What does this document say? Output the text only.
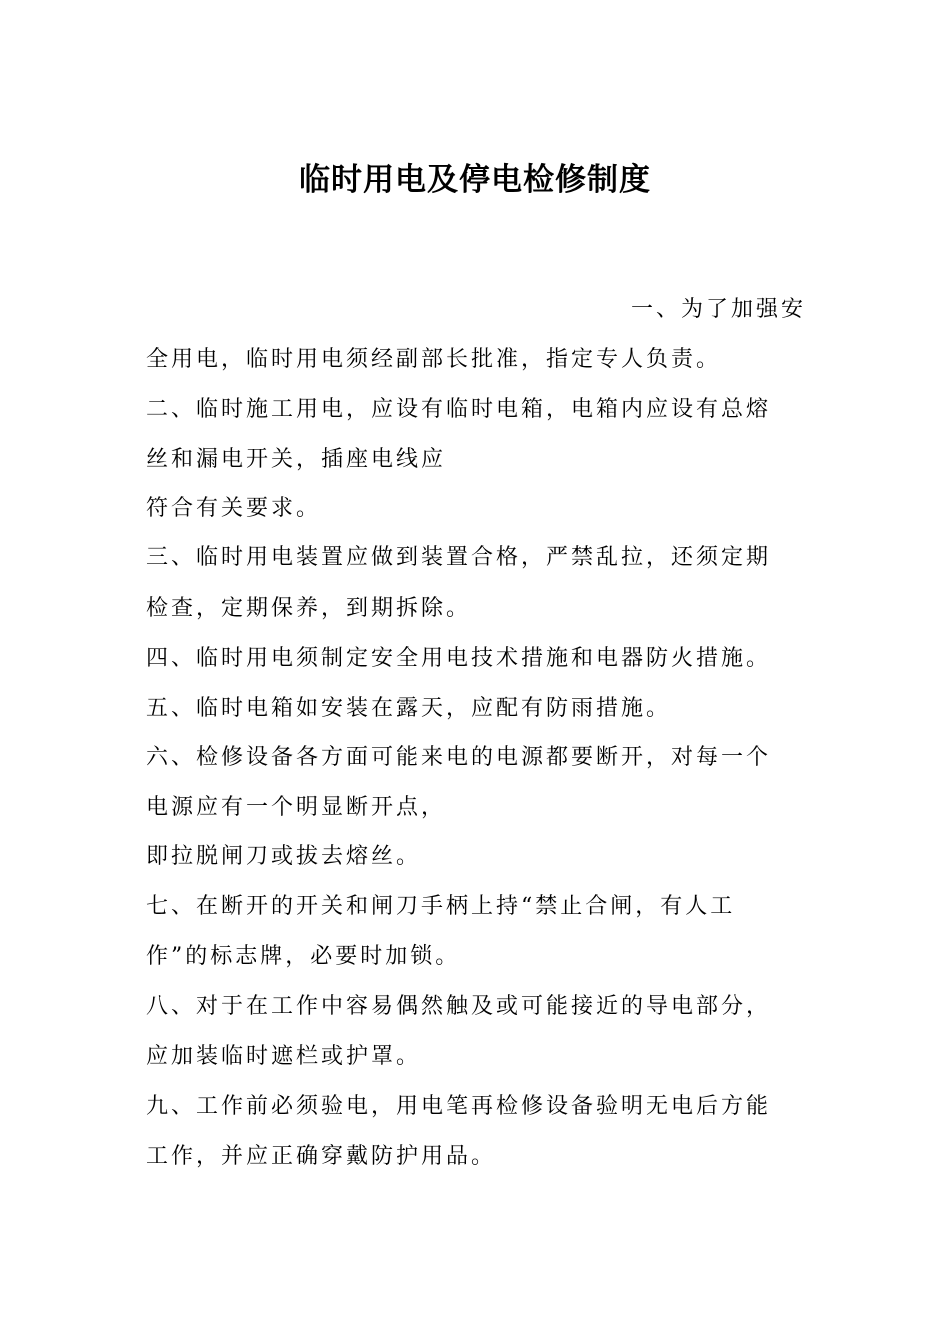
临时用电及停电检修制度
一、为了加强安
全用电，临时用电须经副部长批准，指定专人负责。
二、临时施工用电，应设有临时电箱，电箱内应设有总熔
丝和漏电开关，插座电线应
符合有关要求。
三、临时用电装置应做到装置合格，严禁乱拉，还须定期
检查，定期保养，到期拆除。
四、临时用电须制定安全用电技术措施和电器防火措施。
五、临时电箱如安装在露天，应配有防雨措施。
六、检修设备各方面可能来电的电源都要断开，对每一个
电源应有一个明显断开点，
即拉脱闸刀或拔去熔丝。
七、在断开的开关和闸刀手柄上持“禁止合闸，有人工
作”的标志牌，必要时加锁。
八、对于在工作中容易偶然触及或可能接近的导电部分，
应加装临时遮栏或护罩。
九、工作前必须验电，用电笔再检修设备验明无电后方能
工作，并应正确穿戴防护用品。
